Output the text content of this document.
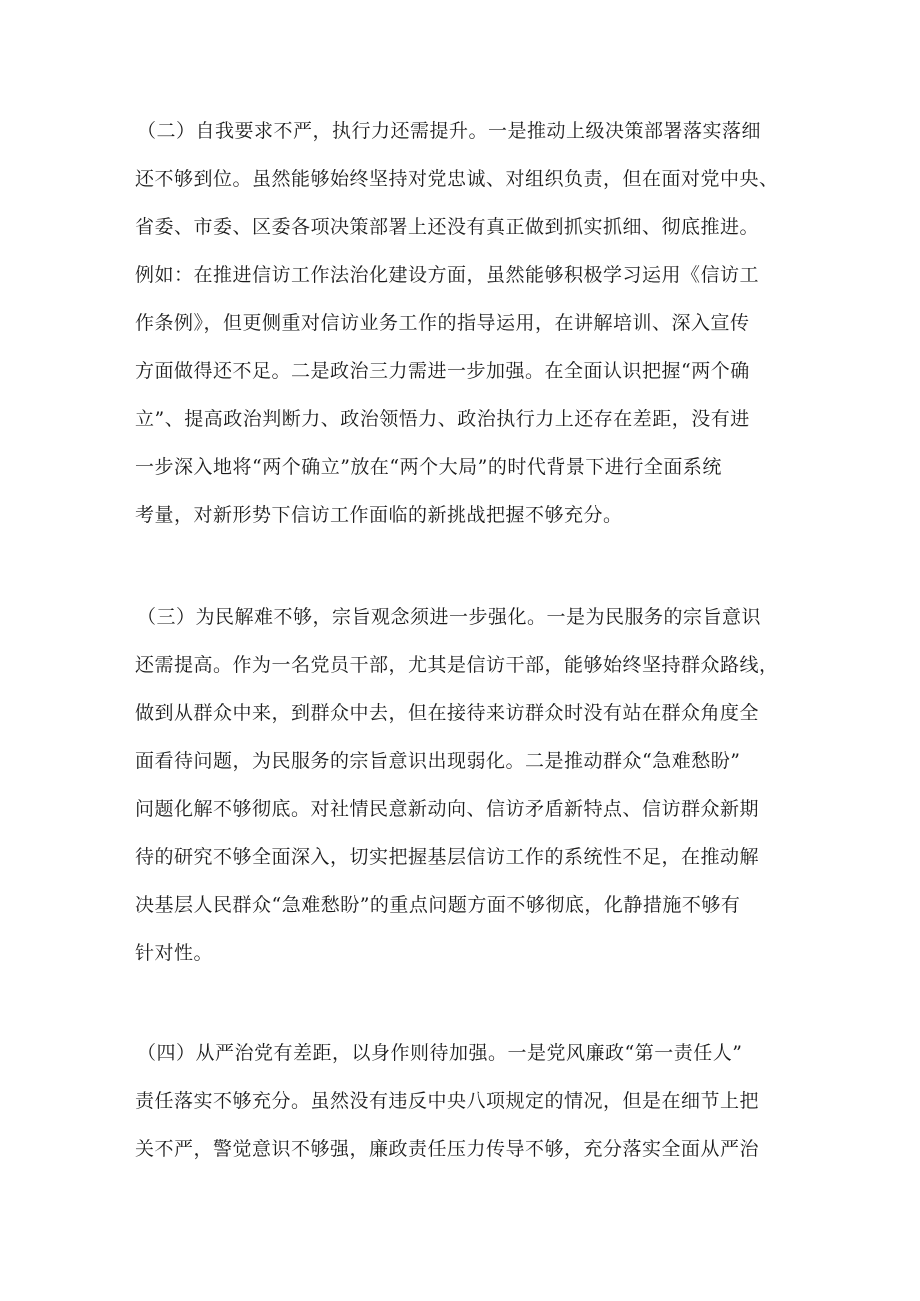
（二）自我要求不严，执行力还需提升。一是推动上级决策部署落实落细
还不够到位。虽然能够始终坚持对党忠诚、对组织负责，但在面对党中央、
省委、市委、区委各项决策部署上还没有真正做到抓实抓细、彻底推进。
例如：在推进信访工作法治化建设方面，虽然能够积极学习运用《信访工
作条例》，但更侧重对信访业务工作的指导运用，在讲解培训、深入宣传
方面做得还不足。二是政治三力需进一步加强。在全面认识把握“两个确
立”、提高政治判断力、政治领悟力、政治执行力上还存在差距，没有进
一步深入地将“两个确立”放在“两个大局”的时代背景下进行全面系统
考量，对新形势下信访工作面临的新挑战把握不够充分。
（三）为民解难不够，宗旨观念须进一步强化。一是为民服务的宗旨意识
还需提高。作为一名党员干部，尤其是信访干部，能够始终坚持群众路线，
做到从群众中来，到群众中去，但在接待来访群众时没有站在群众角度全
面看待问题，为民服务的宗旨意识出现弱化。二是推动群众“急难愁盼”
问题化解不够彻底。对社情民意新动向、信访矛盾新特点、信访群众新期
待的研究不够全面深入，切实把握基层信访工作的系统性不足，在推动解
决基层人民群众“急难愁盼”的重点问题方面不够彻底，化静措施不够有
针对性。
（四）从严治党有差距，以身作则待加强。一是党风廉政“第一责任人”
责任落实不够充分。虽然没有违反中央八项规定的情况，但是在细节上把
关不严，警觉意识不够强，廉政责任压力传导不够，充分落实全面从严治
